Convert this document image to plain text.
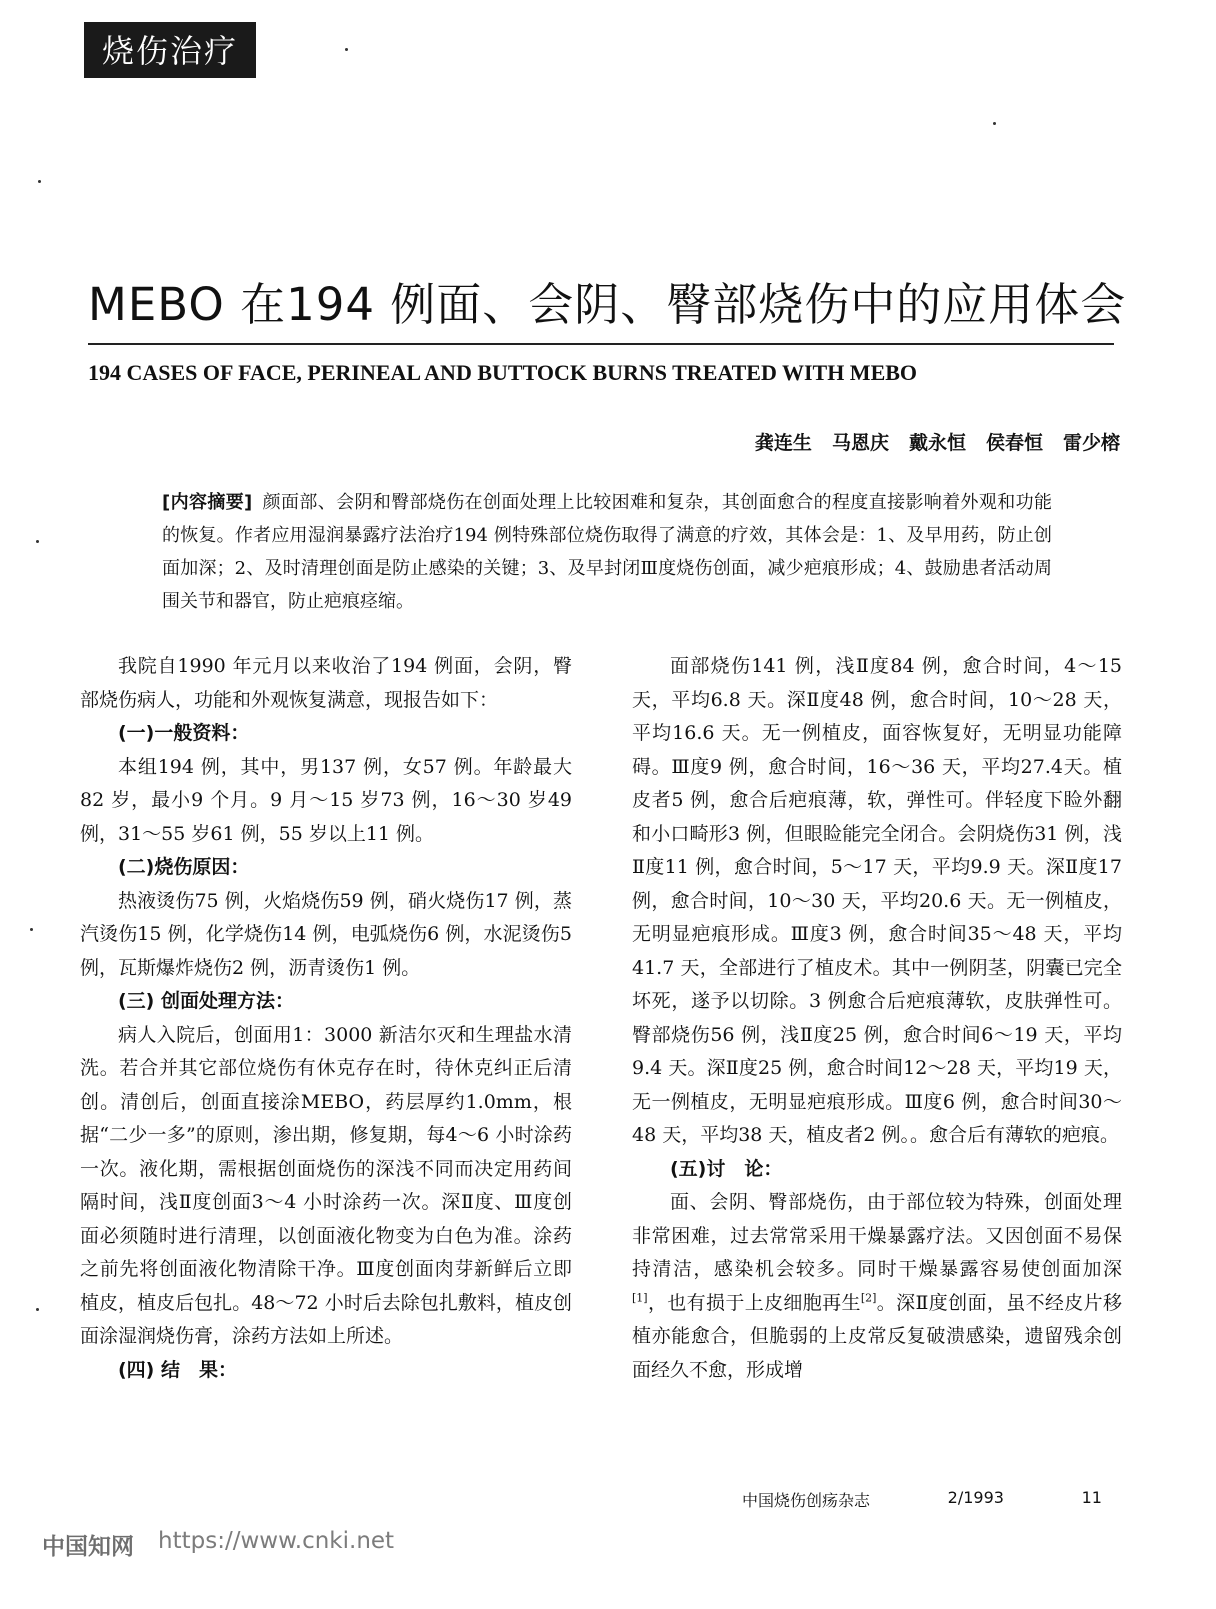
烧伤治疗
MEBO 在194 例面、会阴、臀部烧伤中的应用体会
194 CASES OF FACE, PERINEAL AND BUTTOCK BURNS TREATED WITH MEBO
龚连生 马恩庆 戴永恒 侯春恒 雷少榕
[内容摘要] 颜面部、会阴和臀部烧伤在创面处理上比较困难和复杂，其创面愈合的程度直接影响着外观和功能的恢复。作者应用湿润暴露疗法治疗194 例特殊部位烧伤取得了满意的疗效，其体会是：1、及早用药，防止创面加深；2、及时清理创面是防止感染的关键；3、及早封闭Ⅲ度烧伤创面，减少疤痕形成；4、鼓励患者活动周围关节和器官，防止疤痕痉缩。

我院自1990 年元月以来收治了194 例面，会阴，臀部烧伤病人，功能和外观恢复满意，现报告如下：

(一)一般资料：

本组194 例，其中，男137 例，女57 例。年龄最大82 岁，最小9 个月。9 月～15 岁73 例，16～30 岁49 例，31～55 岁61 例，55 岁以上11 例。

(二)烧伤原因：

热液烫伤75 例，火焰烧伤59 例，硝火烧伤17 例，蒸汽烫伤15 例，化学烧伤14 例，电弧烧伤6 例，水泥烫伤5 例，瓦斯爆炸烧伤2 例，沥青烫伤1 例。

(三) 创面处理方法：

病人入院后，创面用1：3000 新洁尔灭和生理盐水清洗。若合并其它部位烧伤有休克存在时，待休克纠正后清创。清创后，创面直接涂MEBO，药层厚约1.0mm，根据“二少一多”的原则，渗出期，修复期，每4～6 小时涂药一次。液化期，需根据创面烧伤的深浅不同而决定用药间隔时间，浅Ⅱ度创面3～4 小时涂药一次。深Ⅱ度、Ⅲ度创面必须随时进行清理，以创面液化物变为白色为准。涂药之前先将创面液化物清除干净。Ⅲ度创面肉芽新鲜后立即植皮，植皮后包扎。48～72 小时后去除包扎敷料，植皮创面涂湿润烧伤膏，涂药方法如上所述。

(四) 结　果：

面部烧伤141 例，浅Ⅱ度84 例，愈合时间，4～15 天，平均6.8 天。深Ⅱ度48 例，愈合时间，10～28 天，平均16.6 天。无一例植皮，面容恢复好，无明显功能障碍。Ⅲ度9 例，愈合时间，16～36 天，平均27.4天。植皮者5 例，愈合后疤痕薄，软，弹性可。伴轻度下睑外翻和小口畸形3 例，但眼睑能完全闭合。会阴烧伤31 例，浅Ⅱ度11 例，愈合时间，5～17 天，平均9.9 天。深Ⅱ度17 例，愈合时间，10～30 天，平均20.6 天。无一例植皮，无明显疤痕形成。Ⅲ度3 例，愈合时间35～48 天，平均41.7 天，全部进行了植皮术。其中一例阴茎，阴囊已完全坏死，遂予以切除。3 例愈合后疤痕薄软，皮肤弹性可。臀部烧伤56 例，浅Ⅱ度25 例，愈合时间6～19 天，平均9.4 天。深Ⅱ度25 例，愈合时间12～28 天，平均19 天，无一例植皮，无明显疤痕形成。Ⅲ度6 例，愈合时间30～48 天，平均38 天，植皮者2 例。。愈合后有薄软的疤痕。

(五)讨　论：

面、会阴、臀部烧伤，由于部位较为特殊，创面处理非常困难，过去常常采用干燥暴露疗法。又因创面不易保持清洁，感染机会较多。同时干燥暴露容易使创面加深[1]，也有损于上皮细胞再生[2]。深Ⅱ度创面，虽不经皮片移植亦能愈合，但脆弱的上皮常反复破溃感染，遗留残余创面经久不愈，形成增

中国烧伤创疡杂志	2/1993	11
中国知网 https://www.cnki.net
